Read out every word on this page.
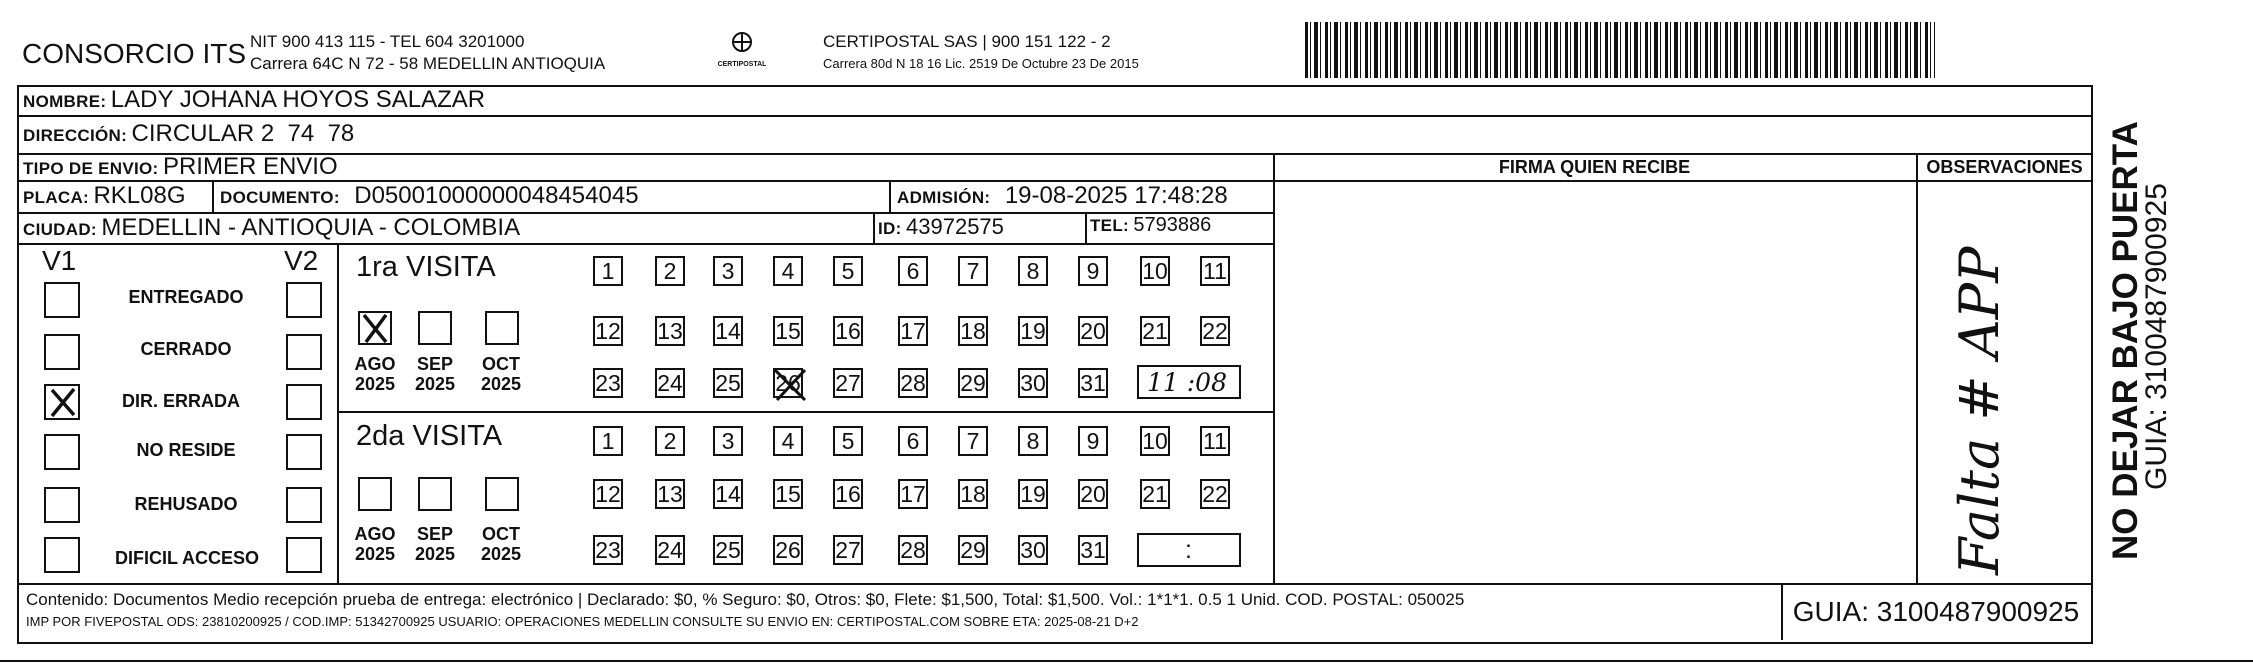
CONSORCIO ITS NIT 900 413 115 - TEL 604 3201000
Carrera 64C N 72 - 58 MEDELLIN ANTIOQUIA	CERTIPOSTAL
CERTIPOSTAL SAS | 900 151 122 - 2
Carrera 80d N 18 16 Lic. 2519 De Octubre 23 De 2015
NOMBRE: LADY JOHANA HOYOS SALAZAR
DIRECCIÓN: CIRCULAR 2  74  78
TIPO DE ENVIO: PRIMER ENVIO	FIRMA QUIEN RECIBE	OBSERVACIONES
PLACA: RKL08G DOCUMENTO: D05001000000048454045	ADMISIÓN: 19-08-2025 17:48:28
CIUDAD: MEDELLIN - ANTIOQUIA - COLOMBIA	ID: 43972575	TEL: 5793886
V1	V2
ENTREGADO
CERRADO
DIR. ERRADA
NO RESIDE
REHUSADO
DIFICIL ACCESO
1ra VISITA
AGO
2025
SEP
2025
OCT
2025
1	2	3	4	5	6	7	8	9	10 11
12 13 14 15 16 17 18 19 20 21 22
23 24 25 26 27 28 29 30 31 11 :08
2da VISITA
AGO
2025
SEP
2025
OCT
2025
1	2	3	4	5	6	7	8	9	10 11
12 13 14 15 16 17 18 19 20 21 22
23 24 25 26 27 28 29 30 31	:	Falta # APP
Contenido: Documentos Medio recepción prueba de entrega: electrónico | Declarado: $0, % Seguro: $0, Otros: $0, Flete: $1,500, Total: $1,500. Vol.: 1*1*1. 0.5 1 Unid. COD. POSTAL: 050025
IMP POR FIVEPOSTAL ODS: 23810200925 / COD.IMP: 51342700925 USUARIO: OPERACIONES MEDELLIN CONSULTE SU ENVIO EN: CERTIPOSTAL.COM SOBRE ETA: 2025-08-21 D+2	GUIA: 3100487900925
NO DEJAR BAJO PUERTA
GUIA: 3100487900925
